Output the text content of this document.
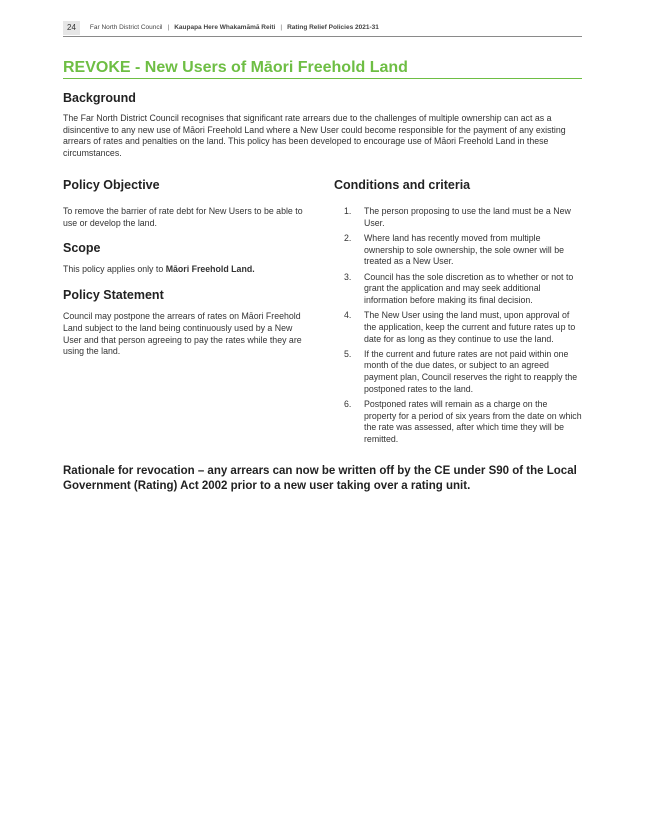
24	Far North District Council | Kaupapa Here Whakamāmā Reiti | Rating Relief Policies 2021-31
REVOKE - New Users of Māori Freehold Land
Background

The Far North District Council recognises that significant rate arrears due to the challenges of multiple ownership can act as a disincentive to any new use of Māori Freehold Land where a New User could become responsible for the payment of any existing arrears of rates and penalties on the land. This policy has been developed to encourage use of Māori Freehold Land in these circumstances.

Policy Objective

To remove the barrier of rate debt for New Users to be able to use or develop the land.

Scope

This policy applies only to Māori Freehold Land.

Policy Statement

Council may postpone the arrears of rates on Māori Freehold Land subject to the land being continuously used by a New User and that person agreeing to pay the rates while they are using the land.

Conditions and criteria
1.	The person proposing to use the land must be a New User.
2.	Where land has recently moved from multiple ownership to sole ownership, the sole owner will be treated as a New User.
3.	Council has the sole discretion as to whether or not to grant the application and may seek additional information before making its final decision.
4.	The New User using the land must, upon approval of the application, keep the current and future rates up to date for as long as they continue to use the land.
5.	If the current and future rates are not paid within one month of the due dates, or subject to an agreed payment plan, Council reserves the right to reapply the postponed rates to the land.
6.	Postponed rates will remain as a charge on the property for a period of six years from the date on which the rate was assessed, after which time they will be remitted.
Rationale for revocation – any arrears can now be written off by the CE under S90 of the Local Government (Rating) Act 2002 prior to a new user taking over a rating unit.
